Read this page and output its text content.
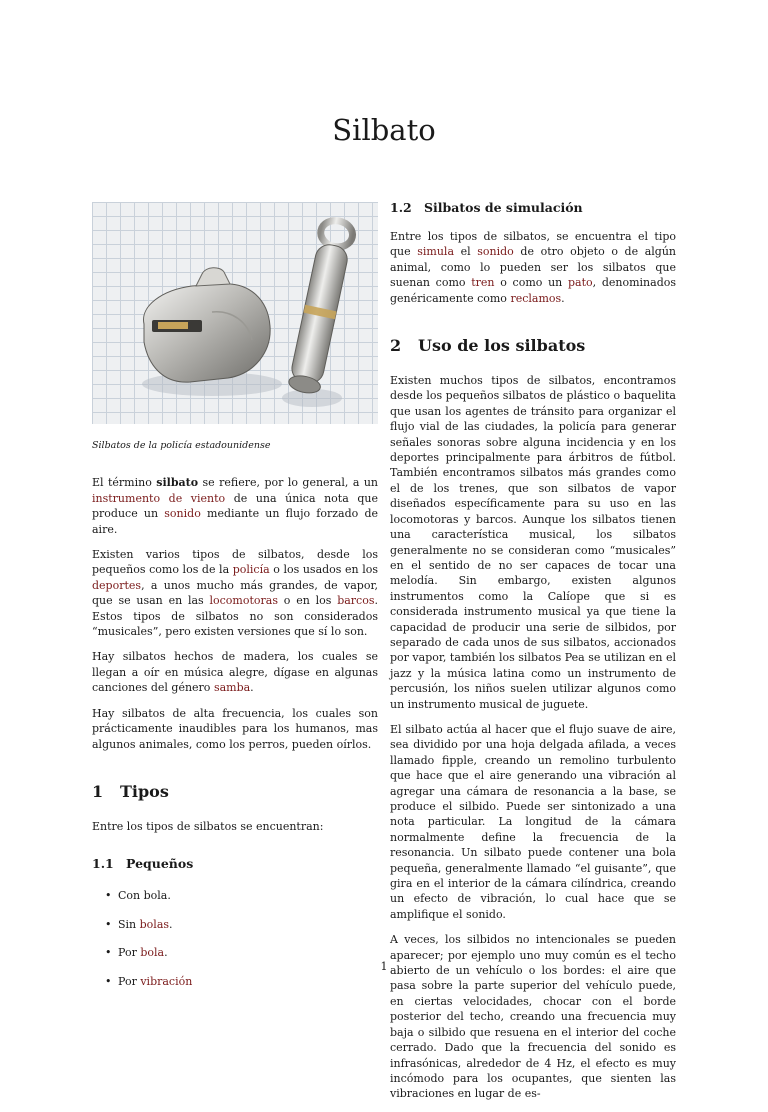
Silbato

Silbatos de la policía estadounidense

El término silbato se refiere, por lo general, a un instrumento de viento de una única nota que produce un sonido mediante un flujo forzado de aire.

Existen varios tipos de silbatos, desde los pequeños como los de la policía o los usados en los deportes, a unos mucho más grandes, de vapor, que se usan en las locomotoras o en los barcos. Estos tipos de silbatos no son considerados “musicales”, pero existen versiones que sí lo son.

Hay silbatos hechos de madera, los cuales se llegan a oír en música alegre, dígase en algunas canciones del género samba.

Hay silbatos de alta frecuencia, los cuales son prácticamente inaudibles para los humanos, mas algunos animales, como los perros, pueden oírlos.

1 Tipos

Entre los tipos de silbatos se encuentran:

1.1 Pequeños
• Con bola.
• Sin bolas.
• Por bola.
• Por vibración
1.2 Silbatos de simulación

Entre los tipos de silbatos, se encuentra el tipo que simula el sonido de otro objeto o de algún animal, como lo pueden ser los silbatos que suenan como tren o como un pato, denominados genéricamente como reclamos.

2 Uso de los silbatos

Existen muchos tipos de silbatos, encontramos desde los pequeños silbatos de plástico o baquelita que usan los agentes de tránsito para organizar el flujo vial de las ciudades, la policía para generar señales sonoras sobre alguna incidencia y en los deportes principalmente para árbitros de fútbol. También encontramos silbatos más grandes como el de los trenes, que son silbatos de vapor diseñados específicamente para su uso en las locomotoras y barcos. Aunque los silbatos tienen una característica musical, los silbatos generalmente no se consideran como “musicales” en el sentido de no ser capaces de tocar una melodía. Sin embargo, existen algunos instrumentos como la Calíope que si es considerada instrumento musical ya que tiene la capacidad de producir una serie de silbidos, por separado de cada unos de sus silbatos, accionados por vapor, también los silbatos Pea se utilizan en el jazz y la música latina como un instrumento de percusión, los niños suelen utilizar algunos como un instrumento musical de juguete.

El silbato actúa al hacer que el flujo suave de aire, sea dividido por una hoja delgada afilada, a veces llamado fipple, creando un remolino turbulento que hace que el aire generando una vibración al agregar una cámara de resonancia a la base, se produce el silbido. Puede ser sintonizado a una nota particular. La longitud de la cámara normalmente define la frecuencia de la resonancia. Un silbato puede contener una bola pequeña, generalmente llamado “el guisante”, que gira en el interior de la cámara cilíndrica, creando un efecto de vibración, lo cual hace que se amplifique el sonido.

A veces, los silbidos no intencionales se pueden aparecer; por ejemplo uno muy común es el techo abierto de un vehículo o los bordes: el aire que pasa sobre la parte superior del vehículo puede, en ciertas velocidades, chocar con el borde posterior del techo, creando una frecuencia muy baja o silbido que resuena en el interior del coche cerrado. Dado que la frecuencia del sonido es infrasónicas, alrededor de 4 Hz, el efecto es muy incómodo para los ocupantes, que sienten las vibraciones en lugar de es-

1
